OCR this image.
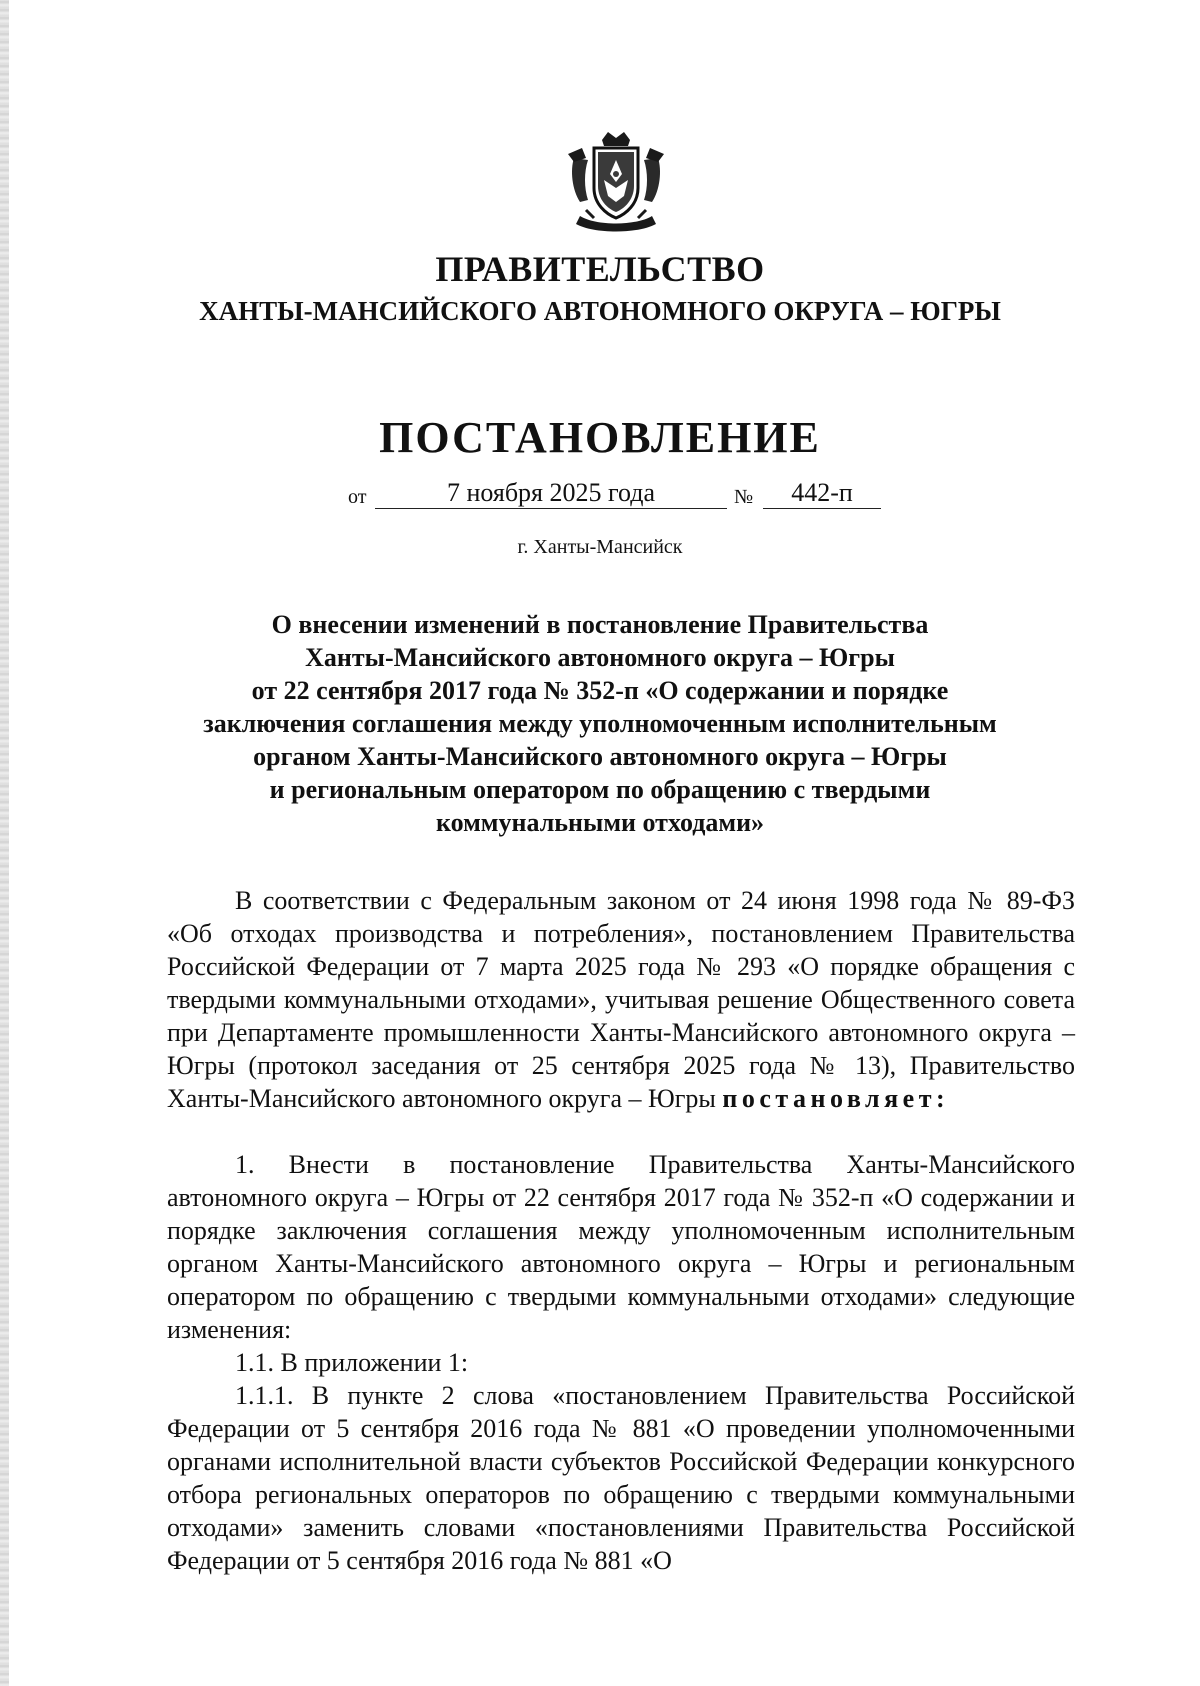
ПРАВИТЕЛЬСТВО
ХАНТЫ-МАНСИЙСКОГО АВТОНОМНОГО ОКРУГА – ЮГРЫ
ПОСТАНОВЛЕНИЕ
от	7 ноября 2025 года	№	442-п
г. Ханты-Мансийск
О внесении изменений в постановление Правительства
Ханты-Мансийского автономного округа – Югры
от 22 сентября 2017 года № 352-п «О содержании и порядке
заключения соглашения между уполномоченным исполнительным
органом Ханты-Мансийского автономного округа – Югры
и региональным оператором по обращению с твердыми
коммунальными отходами»

В соответствии с Федеральным законом от 24 июня 1998 года № 89-ФЗ «Об отходах производства и потребления», постановлением Правительства Российской Федерации от 7 марта 2025 года № 293 «О порядке обращения с твердыми коммунальными отходами», учитывая решение Общественного совета при Департаменте промышленности Ханты-Мансийского автономного округа – Югры (протокол заседания от 25 сентября 2025 года № 13), Правительство Ханты-Мансийского автономного округа – Югры постановляет:

1. Внести в постановление Правительства Ханты-Мансийского автономного округа – Югры от 22 сентября 2017 года № 352-п «О содержании и порядке заключения соглашения между уполномоченным исполнительным органом Ханты-Мансийского автономного округа – Югры и региональным оператором по обращению с твердыми коммунальными отходами» следующие изменения:

1.1. В приложении 1:

1.1.1. В пункте 2 слова «постановлением Правительства Российской Федерации от 5 сентября 2016 года № 881 «О проведении уполномоченными органами исполнительной власти субъектов Российской Федерации конкурсного отбора региональных операторов по обращению с твердыми коммунальными отходами» заменить словами «постановлениями Правительства Российской Федерации от 5 сентября 2016 года № 881 «О
